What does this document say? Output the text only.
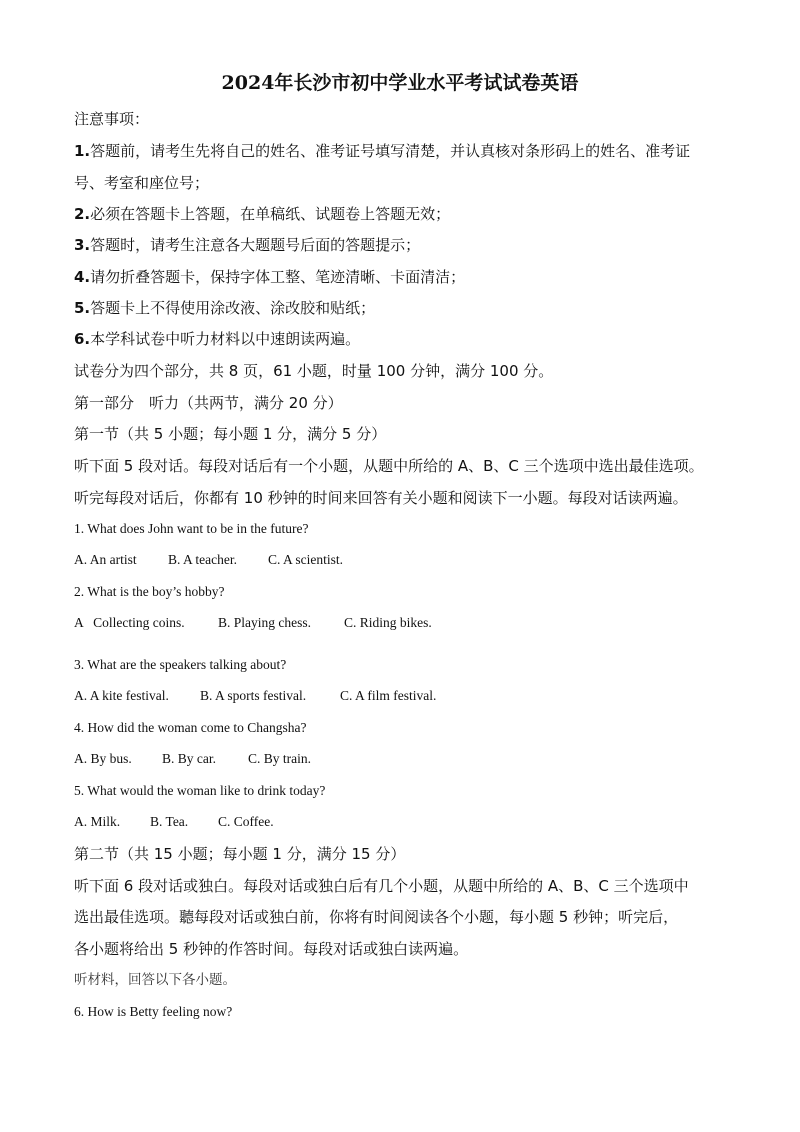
2024年长沙市初中学业水平考试试卷英语
注意事项：
1.答题前，请考生先将自己的姓名、准考证号填写清楚，并认真核对条形码上的姓名、准考证
号、考室和座位号；
2.必须在答题卡上答题，在单稿纸、试题卷上答题无效；
3.答题时，请考生注意各大题题号后面的答题提示；
4.请勿折叠答题卡，保持字体工整、笔迹清晰、卡面清洁；
5.答题卡上不得使用涂改液、涂改胶和贴纸；
6.本学科试卷中听力材料以中速朗读两遍。
试卷分为四个部分，共 8 页，61 小题，时量 100 分钟，满分 100 分。
第一部分　听力（共两节，满分 20 分）
第一节（共 5 小题；每小题 1 分，满分 5 分）
听下面 5 段对话。每段对话后有一个小题，从题中所给的 A、B、C 三个选项中选出最佳选项。
听完每段对话后，你都有 10 秒钟的时间来回答有关小题和阅读下一小题。每段对话读两遍。
1. What does John want to be in the future?
A. An artist B. A teacher. C. A scientist.
2. What is the boy’s hobby?
A   Collecting coins. B. Playing chess. C. Riding bikes.
3. What are the speakers talking about?
A. A kite festival. B. A sports festival.	C. A film festival.
4. How did the woman come to Changsha?
A. By bus. B. By car. C. By train.
5. What would the woman like to drink today?
A. Milk. B. Tea. C. Coffee.
第二节（共 15 小题；每小题 1 分，满分 15 分）
听下面 6 段对话或独白。每段对话或独白后有几个小题，从题中所给的 A、B、C 三个选项中
选出最佳选项。聽每段对话或独白前，你将有时间阅读各个小题，每小题 5 秒钟；听完后，
各小题将给出 5 秒钟的作答时间。每段对话或独白读两遍。
听材料，回答以下各小题。
6. How is Betty feeling now?
